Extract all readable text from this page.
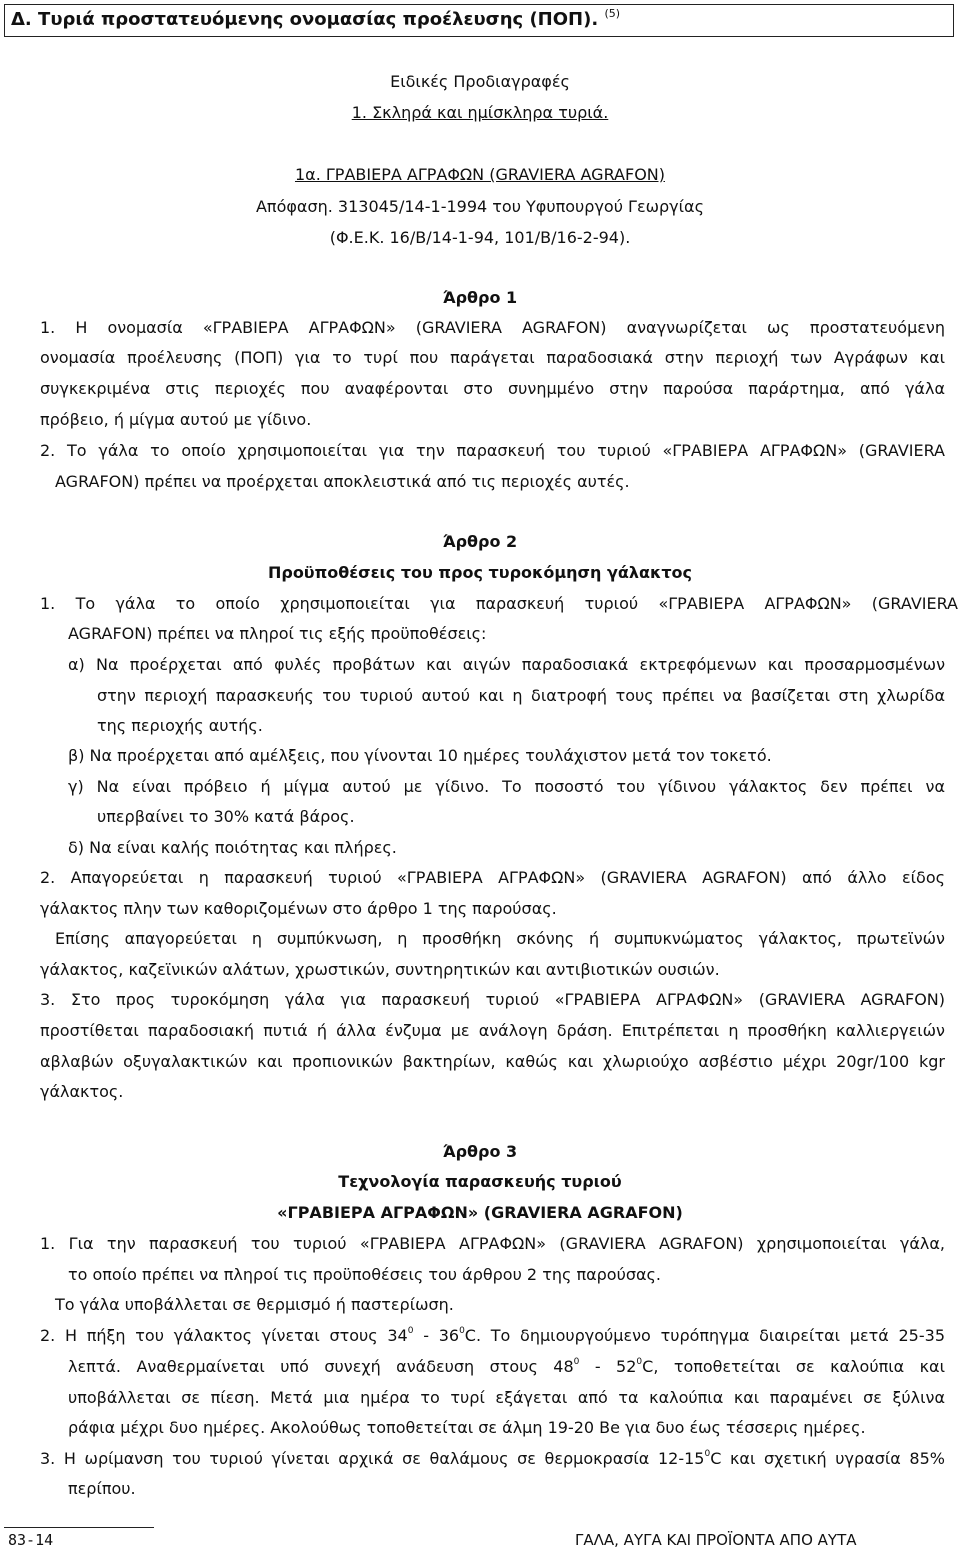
Δ. Τυριά προστατευόμενης ονομασίας προέλευσης (ΠΟΠ). $^{(5)}$
Ειδικές Προδιαγραφές
1. Σκληρά και ημίσκληρα τυριά.
1α. ΓΡΑΒΙΕΡΑ ΑΓΡΑΦΩΝ (GRAVIERA AGRAFON)
Απόφαση. 313045/14-1-1994 του Υφυπουργού Γεωργίας
(Φ.Ε.Κ. 16/Β/14-1-94, 101/Β/16-2-94).
Άρθρο 1
1. Η ονομασία «ΓΡΑΒΙΕΡΑ ΑΓΡΑΦΩΝ» (GRAVIERA AGRAFON) αναγνωρίζεται ως προστατευόμενη
ονομασία προέλευσης (ΠΟΠ) για το τυρί που παράγεται παραδοσιακά στην περιοχή των Αγράφων και
συγκεκριμένα στις περιοχές που αναφέρονται στο συνημμένο στην παρούσα παράρτημα, από γάλα
πρόβειο, ή μίγμα αυτού με γίδινο.
2. Το γάλα το οποίο χρησιμοποιείται για την παρασκευή του τυριού «ΓΡΑΒΙΕΡΑ ΑΓΡΑΦΩΝ» (GRAVIERA
AGRAFON) πρέπει να προέρχεται αποκλειστικά από τις περιοχές αυτές.
Άρθρο 2
Προϋποθέσεις του προς τυροκόμηση γάλακτος
1. Το γάλα το οποίο χρησιμοποιείται για παρασκευή τυριού «ΓΡΑΒΙΕΡΑ ΑΓΡΑΦΩΝ» (GRAVIERA
AGRAFON) πρέπει να πληροί τις εξής προϋποθέσεις:
α) Να προέρχεται από φυλές προβάτων και αιγών παραδοσιακά εκτρεφόμενων και προσαρμοσμένων
στην περιοχή παρασκευής του τυριού αυτού και η διατροφή τους πρέπει να βασίζεται στη χλωρίδα
της περιοχής αυτής.
β) Να προέρχεται από αμέλξεις, που γίνονται 10 ημέρες τουλάχιστον μετά τον τοκετό.
γ) Να είναι πρόβειο ή μίγμα αυτού με γίδινο. Το ποσοστό του γίδινου γάλακτος δεν πρέπει να
υπερβαίνει το 30% κατά βάρος.
δ) Να είναι καλής ποιότητας και πλήρες.
2. Απαγορεύεται η παρασκευή τυριού «ΓΡΑΒΙΕΡΑ ΑΓΡΑΦΩΝ» (GRAVIERA AGRAFON) από άλλο είδος
γάλακτος πλην των καθοριζομένων στο άρθρο 1 της παρούσας.
Επίσης απαγορεύεται η συμπύκνωση, η προσθήκη σκόνης ή συμπυκνώματος γάλακτος, πρωτεϊνών
γάλακτος, καζεϊνικών αλάτων, χρωστικών, συντηρητικών και αντιβιοτικών ουσιών.
3. Στο προς τυροκόμηση γάλα για παρασκευή τυριού «ΓΡΑΒΙΕΡΑ ΑΓΡΑΦΩΝ» (GRAVIERA AGRAFON)
προστίθεται παραδοσιακή πυτιά ή άλλα ένζυμα με ανάλογη δράση. Επιτρέπεται η προσθήκη καλλιεργειών
αβλαβών οξυγαλακτικών και προπιονικών βακτηρίων, καθώς και χλωριούχο ασβέστιο μέχρι 20gr/100 kgr
γάλακτος.
Άρθρο 3
Τεχνολογία παρασκευής τυριού
«ΓΡΑΒΙΕΡΑ ΑΓΡΑΦΩΝ» (GRAVIERA AGRAFON)
1. Για την παρασκευή του τυριού «ΓΡΑΒΙΕΡΑ ΑΓΡΑΦΩΝ» (GRAVIERA AGRAFON) χρησιμοποιείται γάλα,
το οποίο πρέπει να πληροί τις προϋποθέσεις του άρθρου 2 της παρούσας.
Το γάλα υποβάλλεται σε θερμισμό ή παστερίωση.
2. Η πήξη του γάλακτος γίνεται στους $34^0 - 36^0C$. Το δημιουργούμενο τυρόπηγμα διαιρείται μετά 25-35
λεπτά. Αναθερμαίνεται υπό συνεχή ανάδευση στους $48^0 - 52^0C$, τοποθετείται σε καλούπια και
υποβάλλεται σε πίεση. Μετά μια ημέρα το τυρί εξάγεται από τα καλούπια και παραμένει σε ξύλινα
ράφια μέχρι δυο ημέρες. Ακολούθως τοποθετείται σε άλμη 19-20 Be για δυο έως τέσσερις ημέρες.
3. Η ωρίμανση του τυριού γίνεται αρχικά σε θαλάμους σε θερμοκρασία $12-15^0C$ και σχετική υγρασία 85%
περίπου.
83-14	ΓΑΛΑ, ΑΥΓΑ ΚΑΙ ΠΡΟΪΟΝΤΑ ΑΠΟ ΑΥΤΑ
